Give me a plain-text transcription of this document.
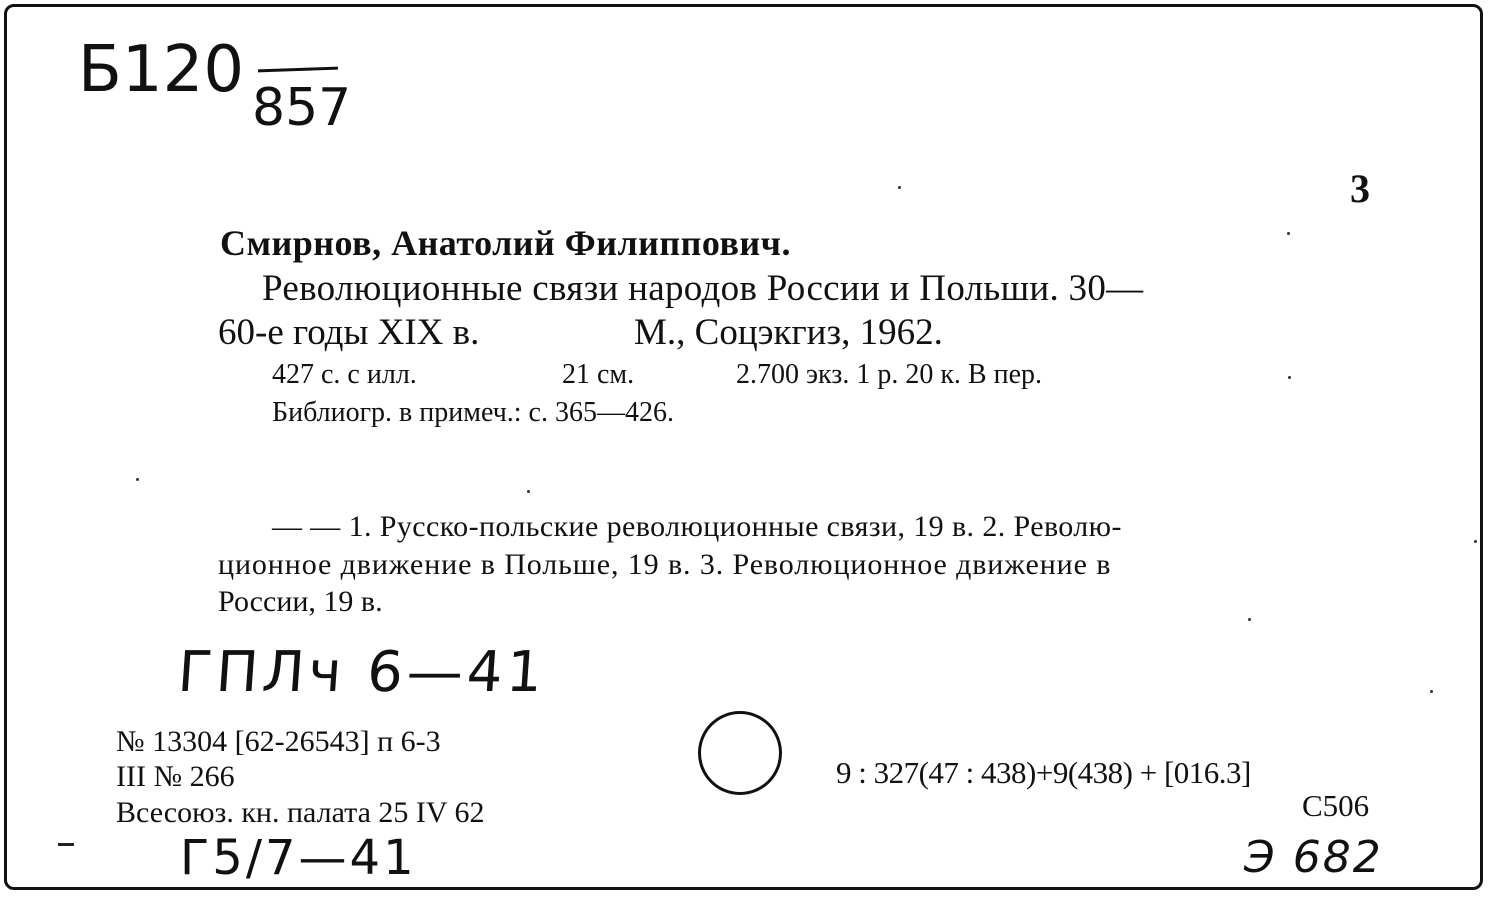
Б120
857
3
Смирнов, Анатолий Филиппович.
Революционные связи народов России и Польши. 30—
60-е годы XIX в.	М., Соцэкгиз, 1962.
427 с. с илл.	21 см.	2.700 экз. 1 р. 20 к. В пер.
Библиогр. в примеч.: с. 365—426.
— — 1. Русско-польские революционные связи, 19 в. 2. Револю-
ционное движение в Польше, 19 в. 3. Революционное движение в
России, 19 в.
ГПЛч 6—41
№ 13304 [62-26543] п 6-3
III № 266
Всесоюз. кн. палата 25 IV 62
Г5/7—41
9 : 327(47 : 438)+9(438) + [016.3]
С506
Э 682
